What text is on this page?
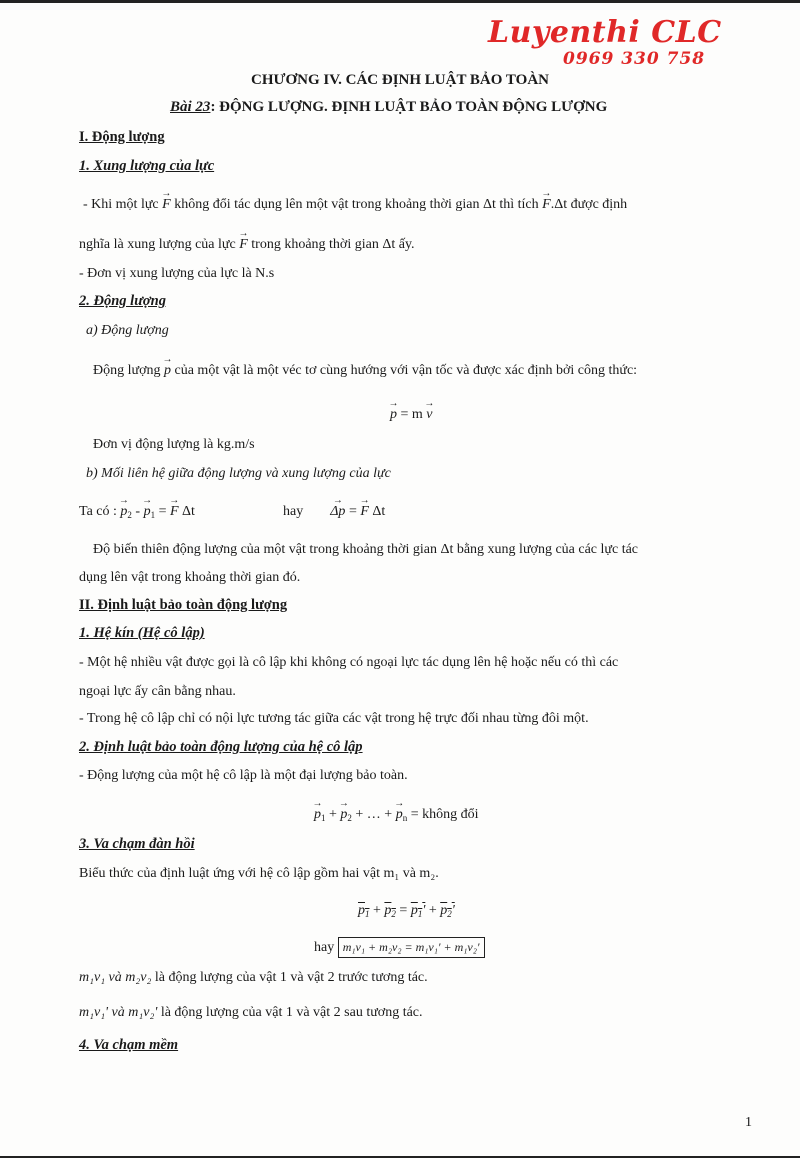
Luyenthi CLC
0969 330 758
CHƯƠNG IV. CÁC ĐỊNH LUẬT BẢO TOÀN
Bài 23: ĐỘNG LƯỢNG. ĐỊNH LUẬT BẢO TOÀN ĐỘNG LƯỢNG
I. Động lượng
1. Xung lượng của lực
- Khi một lực → F không đổi tác dụng lên một vật trong khoảng thời gian Δt thì tích → F.Δt được định
nghĩa là xung lượng của lực → F trong khoảng thời gian Δt ấy.
- Đơn vị xung lượng của lực là N.s
2. Động lượng
a) Động lượng
Động lượng → p của một vật là một véc tơ cùng hướng với vận tốc và được xác định bởi công thức:
→ p = m → v
Đơn vị động lượng là kg.m/s
b) Mối liên hệ giữa động lượng và xung lượng của lực
Ta có : → $p_2$ - → $p_1$ = → F Δt	hay → Δp = → F Δt
Độ biến thiên động lượng của một vật trong khoảng thời gian Δt bằng xung lượng của các lực tác
dụng lên vật trong khoảng thời gian đó.
II. Định luật bảo toàn động lượng
1. Hệ kín (Hệ cô lập)
- Một hệ nhiều vật được gọi là cô lập khi không có ngoại lực tác dụng lên hệ hoặc nếu có thì các
ngoại lực ấy cân bằng nhau.
- Trong hệ cô lập chỉ có nội lực tương tác giữa các vật trong hệ trực đối nhau từng đôi một.
2. Định luật bảo toàn động lượng của hệ cô lập
- Động lượng của một hệ cô lập là một đại lượng bảo toàn.
→ $p_1$ + → $p_2$ + … + → $p_n$ = không đổi
3. Va chạm đàn hồi
Biểu thức của định luật ứng với hệ cô lập gồm hai vật m₁ và m₂.
$p_1 + p_2 = p_1' + p_2'$
hay m₁v₁ + m₂v₂ = m₁v₁' + m₁v₂'
m₁v₁ và m₂v₂ là động lượng của vật 1 và vật 2 trước tương tác.
m₁v₁' và m₁v₂' là động lượng của vật 1 và vật 2 sau tương tác.
4. Va chạm mềm
1
